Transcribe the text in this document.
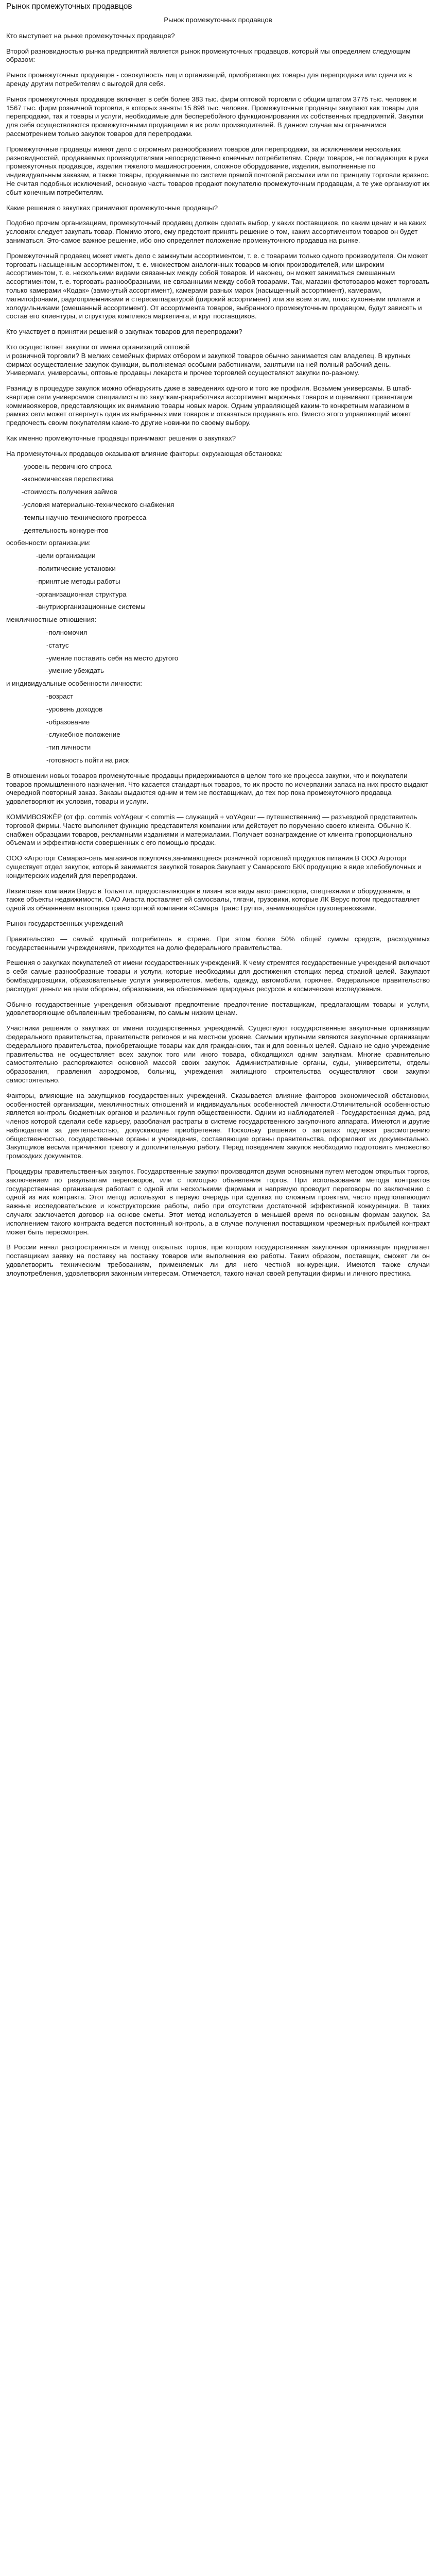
Рынок промежуточных продавцов
Рынок промежуточных продавцов

Кто выступает на рынке промежуточных продавцов?

Второй разновидностью рынка предприятий является рынок промежуточных продавцов, который мы определяем следующим образом:

Рынок промежуточных продавцов - совокупность лиц и организаций, приобретающих товары для перепродажи или сдачи их в аренду другим потребителям с выгодой для себя.

Рынок промежуточных продавцов включает в себя более 383 тыс. фирм оптовой торговли с общим штатом 3775 тыс. человек и 1567 тыс. фирм розничной торговли, в которых заняты 15 898 тыс. человек. Промежуточные продавцы закупают как товары для перепродажи, так и товары и услуги, необходимые для бесперебойного функционирования их собственных предприятий. Закупки для себя осуществляются промежуточными продавцами в их роли производителей. В данном случае мы ограничимся рассмотрением только закупок товаров для перепродажи.

Промежуточные продавцы имеют дело с огромным разнообразием товаров для перепродажи, за исключением нескольких разновидностей, продаваемых производителями непосредственно конечным потребителям. Среди товаров, не попадающих в руки промежуточных продавцов, изделия тяжелого машиностроения, сложное оборудование, изделия, выполненные по индивидуальным заказам, а также товары, продаваемые по системе прямой почтовой рассылки или по принципу торговли вразнос. Не считая подобных исключений, основную часть товаров продают покупателю промежуточным продавцам, а те уже организуют их сбыт конечным потребителям.

Какие решения о закупках принимают промежуточные продавцы?

Подобно прочим организациям, промежуточный продавец должен сделать выбор, у каких поставщиков, по каким ценам и на каких условиях следует закупать товар. Помимо этого, ему предстоит принять решение о том, каким ассортиментом товаров он будет заниматься. Это-самое важное решение, ибо оно определяет положение промежуточного продавца на рынке.

Промежуточный продавец может иметь дело с замкнутым ассортиментом, т. е. с товарами только одного производителя. Он может торговать насыщенным ассортиментом, т. е. множеством аналогичных товаров многих производителей, или широким ассортиментом, т. е. несколькими видами связанных между собой товаров. И наконец, он может заниматься смешанным ассортиментом, т. е. торговать разнообразными, не связанными между собой товарами. Так, магазин фототоваров может торговать только камерами «Кодак» (замкнутый ассортимент), камерами разных марок (насыщенный ассортимент), камерами, магнитофонами, радиоприемниками и стереоаппаратурой (широкий ассортимент) или же всем этим, плюс кухонными плитами и холодильниками (смешанный ассортимент). От ассортимента товаров, выбранного промежуточным продавцом, будут зависеть и состав его клиентуры, и структура комплекса маркетинга, и круг поставщиков.

Кто участвует в принятии решений о закупках товаров для перепродажи?

Кто осуществляет закупки от имени организаций оптовой
и розничной торговли? В мелких семейных фирмах отбором и закупкой товаров обычно занимается сам владелец. В крупных фирмах осуществление закупок-функции, выполняемая особыми работниками, занятыми на ней полный рабочий день. Универмаги, универсамы, оптовые продавцы лекарств и прочее торговлей осуществляют закупки по-разному.

Разницу в процедуре закупок можно обнаружить даже в заведениях одного и того же профиля. Возьмем универсамы. В штаб-квартире сети универсамов специалисты по закупкам-разработчики ассортимент марочных товаров и оценивают презентации коммивояжеров, представляющих их вниманию товары новых марок. Одним управляющей каким-то конкретным магазином в рамках сети может отвергнуть один из выбранных ими товаров и отказаться продавать его. Вместо этого управляющий может предпочесть своим покупателям какие-то другие новинки по своему выбору.

Как именно промежуточные продавцы принимают решения о закупках?

На промежуточных продавцов оказывают влияние факторы: окружающая обстановка:

-уровень первичного спроса

-экономическая перспектива

-стоимость получения займов

-условия материально-технического снабжения

-темпы научно-технического прогресса

-деятельность конкурентов

особенности организации:

-цели организации

-политические установки

-принятые методы работы

-организационная структура

-внутриорганизационные системы

межличностные отношения:

-полномочия

-статус

-умение поставить себя на место другого

-умение убеждать

и индивидуальные особенности личности:

-возраст

-уровень доходов

-образование

-служебное положение

-тип личности

-готовность пойти на риск

В отношении новых товаров промежуточные продавцы придерживаются в целом того же процесса закупки, что и покупатели товаров промышленного назначения. Что касается стандартных товаров, то их просто по исчерпании запаса на них просто выдают очередной повторный заказ. Заказы выдаются одним и тем же поставщикам, до тех пор пока промежуточного продавца удовлетворяют их условия, товары и услуги.

КОММИВОЯЖЁР (от фр. commis voYAgeur < commis — служащий + voYAgeur — путешественник) — разъездной представитель торговой фирмы. Часто выполняет функцию представителя компании или действует по поручению своего клиента. Обычно К. снабжен образцами товаров, рекламными изданиями и материалами. Получает вознаграждение от клиента пропорционально объемам и эффективности совершенных с его помощью продаж.

ООО «Агроторг Самара»-сеть магазинов покупочка,занимающееся розничной торговлей продуктов питания.В ООО Агроторг существует отдел закупок, который занимается закупкой товаров.Закупает у Самарского БКК продукцию в виде хлебобулочных и кондитерских изделий для перепродажи.

Лизинговая компания Верус в Тольятти, предоставляющая в лизинг все виды автотранспорта, спецтехники и оборудования, а также объекты недвижимости. ОАО Анаста поставляет ей самосвалы, тягачи, грузовики, которые ЛК Верус потом предоставляет одной из обчаяннеем автопарка транспортной компании «Самара Транс Групп», занимающейся грузоперевозками.

Рынок государственных учреждений

Правительство — самый крупный потребитель в стране. При этом более 50% общей суммы средств, расходуемых государственными учреждениями, приходится на долю федерального правительства.

Решения о закупках покупателей от имени государственных учреждений. К чему стремятся государственные учреждений включают в себя самые разнообразные товары и услуги, которые необходимы для достижения стоящих перед страной целей. Закупают бомбардировщики, образовательные услуги университетов, мебель, одежду, автомобили, горючее. Федеральное правительство расходует деньги на цели обороны, образования, на обеспечение природных ресурсов и космические исследования.

Обычно государственные учреждения обязывают предпочтение предпочтение поставщикам, предлагающим товары и услуги, удовлетворяющие объявленным требованиям, по самым низким ценам.

Участники решения о закупках от имени государственных учреждений. Существуют государственные закупочные организации федерального правительства, правительств регионов и на местном уровне. Самыми крупными являются закупочные организации федерального правительства, приобретающие товары как для гражданских, так и для военных целей. Однако не одно учреждение правительства не осуществляет всех закупок того или иного товара, обходящихся одним закупкам. Многие сравнительно самостоятельно распоряжаются основной массой своих закупок. Административные органы, суды, университеты, отделы образования, правления аэродромов, больниц, учреждения жилищного строительства осуществляют свои закупки самостоятельно.

Факторы, влияющие на закупщиков государственных учреждений. Сказывается влияние факторов экономической обстановки, особенностей организации, межличностных отношений и индивидуальных особенностей личности.Отличительной особенностью является контроль бюджетных органов и различных групп общественности. Одним из наблюдателей - Государственная дума, ряд членов которой сделали себе карьеру, разоблачая растраты в системе государственного закупочного аппарата. Имеются и другие наблюдатели за деятельностью, допускающие приобретение. Поскольку решения о затратах подлежат рассмотрению общественностью, государственные органы и учреждения, составляющие органы правительства, оформляют их документально. Закупщиков весьма причиняют тревогу и дополнительную работу. Перед поведением закупок необходимо подготовить множество громоздких документов.

Процедуры правительственных закупок. Государственные закупки производятся двумя основными путем методом открытых торгов, заключением по результатам переговоров, или с помощью объявления торгов. При использовании метода контрактов государственная организация работает с одной или несколькими фирмами и напрямую проводит переговоры по заключению с одной из них контракта. Этот метод используют в первую очередь при сделках по сложным проектам, часто предполагающим важные исследовательские и конструкторские работы, либо при отсутствии достаточной эффективной конкуренции. В таких случаях заключается договор на основе сметы. Этот метод используется в меньшей время по основным формам закупок. За исполнением такого контракта ведется постоянный контроль, а в случае получения поставщиком чрезмерных прибылей контракт может быть пересмотрен.

В России начал распространяться и метод открытых торгов, при котором государственная закупочная организация предлагает поставщикам заявку на поставку на поставку товаров или выполнения ею работы. Таким образом, поставщик, сможет ли он удовлетворить техническим требованиям, применяемых ли для него честной конкуренции. Имеются также случаи злоупотребления, удовлетворяя законным интересам. Отмечается, такого начал своей репутации фирмы и личного престижа.
